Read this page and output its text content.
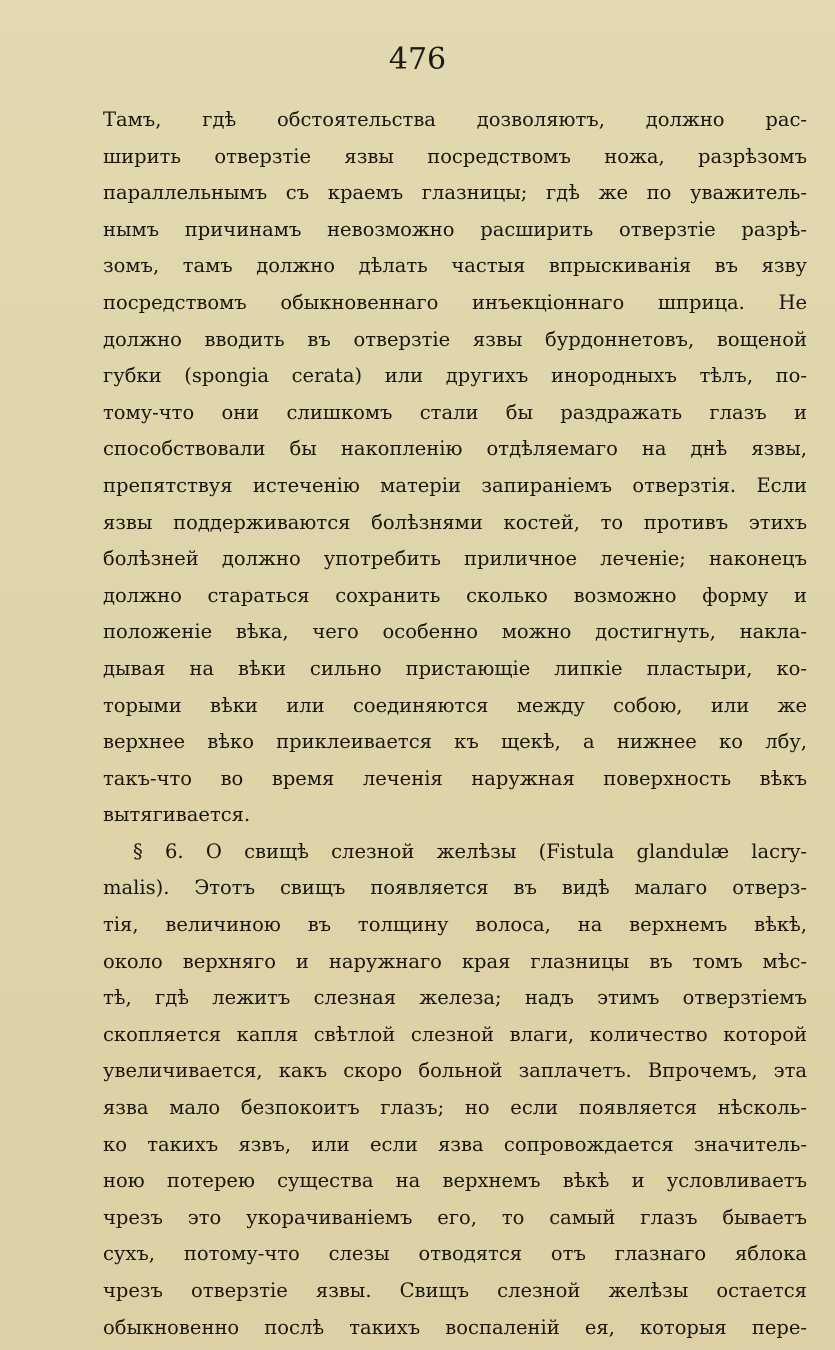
476
Тамъ, гдѣ обстоятельства дозволяютъ, должно рас-
ширить отверзтіе язвы посредствомъ ножа, разрѣзомъ
параллельнымъ съ краемъ глазницы; гдѣ же по уважитель-
нымъ причинамъ невозможно расширить отверзтіе разрѣ-
зомъ, тамъ должно дѣлать частыя впрыскиванія въ язву
посредствомъ обыкновеннаго инъекціоннаго шприца. Не
должно вводить въ отверзтіе язвы бурдоннетовъ, вощеной
губки (spongia cerata) или другихъ инородныхъ тѣлъ, по-
тому-что они слишкомъ стали бы раздражать глазъ и
способствовали бы накопленію отдѣляемаго на днѣ язвы,
препятствуя истеченію матеріи запираніемъ отверзтія. Если
язвы поддерживаются болѣзнями костей, то противъ этихъ
болѣзней должно употребить приличное леченіе; наконецъ
должно стараться сохранить сколько возможно форму и
положеніе вѣка, чего особенно можно достигнуть, накла-
дывая на вѣки сильно пристающіе липкіе пластыри, ко-
торыми вѣки или соединяются между собою, или же
верхнее вѣко приклеивается къ щекѣ, а нижнее ко лбу,
такъ-что во время леченія наружная поверхность вѣкъ
вытягивается.
§ 6. О свищѣ слезной желѣзы (Fistula glandulæ lacry-
malis). Этотъ свищъ появляется въ видѣ малаго отверз-
тія, величиною въ толщину волоса, на верхнемъ вѣкѣ,
около верхняго и наружнаго края глазницы въ томъ мѣс-
тѣ, гдѣ лежитъ слезная железа; надъ этимъ отверзтіемъ
скопляется капля свѣтлой слезной влаги, количество которой
увеличивается, какъ скоро больной заплачетъ. Впрочемъ, эта
язва мало безпокоитъ глазъ; но если появляется нѣсколь-
ко такихъ язвъ, или если язва сопровождается значитель-
ною потерею существа на верхнемъ вѣкѣ и условливаетъ
чрезъ это укорачиваніемъ его, то самый глазъ бываетъ
сухъ, потому-что слезы отводятся отъ глазнаго яблока
чрезъ отверзтіе язвы. Свищъ слезной желѣзы остается
обыкновенно послѣ такихъ воспаленій ея, которыя пере-
